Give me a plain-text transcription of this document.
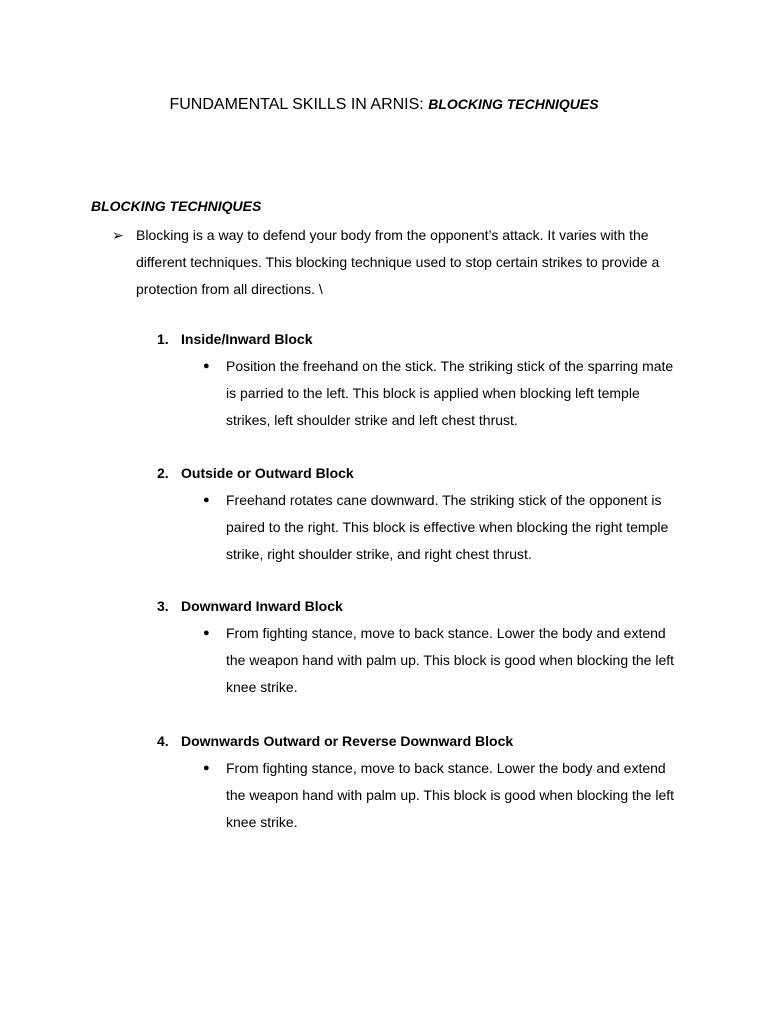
FUNDAMENTAL SKILLS IN ARNIS: BLOCKING TECHNIQUES
BLOCKING TECHNIQUES
➢ Blocking is a way to defend your body from the opponent’s attack. It varies with the different techniques. This blocking technique used to stop certain strikes to provide a protection from all directions. \
1. Inside/Inward Block
● Position the freehand on the stick. The striking stick of the sparring mate is parried to the left. This block is applied when blocking left temple strikes, left shoulder strike and left chest thrust.
2. Outside or Outward Block
● Freehand rotates cane downward. The striking stick of the opponent is paired to the right. This block is effective when blocking the right temple strike, right shoulder strike, and right chest thrust.
3. Downward Inward Block
● From fighting stance, move to back stance. Lower the body and extend the weapon hand with palm up. This block is good when blocking the left knee strike.
4. Downwards Outward or Reverse Downward Block
● From fighting stance, move to back stance. Lower the body and extend the weapon hand with palm up. This block is good when blocking the left knee strike.
